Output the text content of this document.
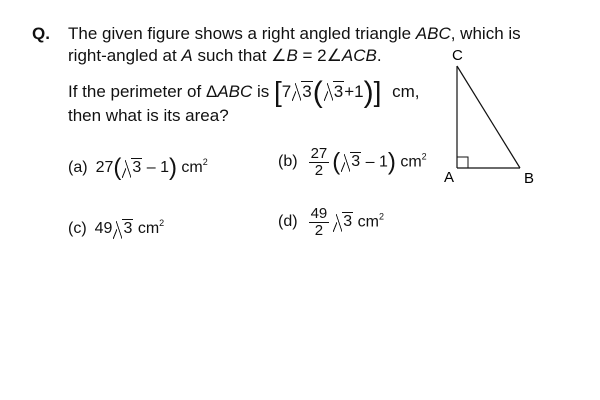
Q. The given figure shows a right angled triangle ABC, which is
right-angled at A such that ∠B = 2∠ACB.
If the perimeter of ΔABC is [7 3( 3+1)] cm,
then what is its area?
(a) 27( 3 – 1) $cm^2$	$(b) \frac{27}{2}$ ( 3 – 1) $cm^2$
(c) 49 3 $cm^2$	$(d) \frac{49}{2} 3$ $cm^2$
C
A	B
